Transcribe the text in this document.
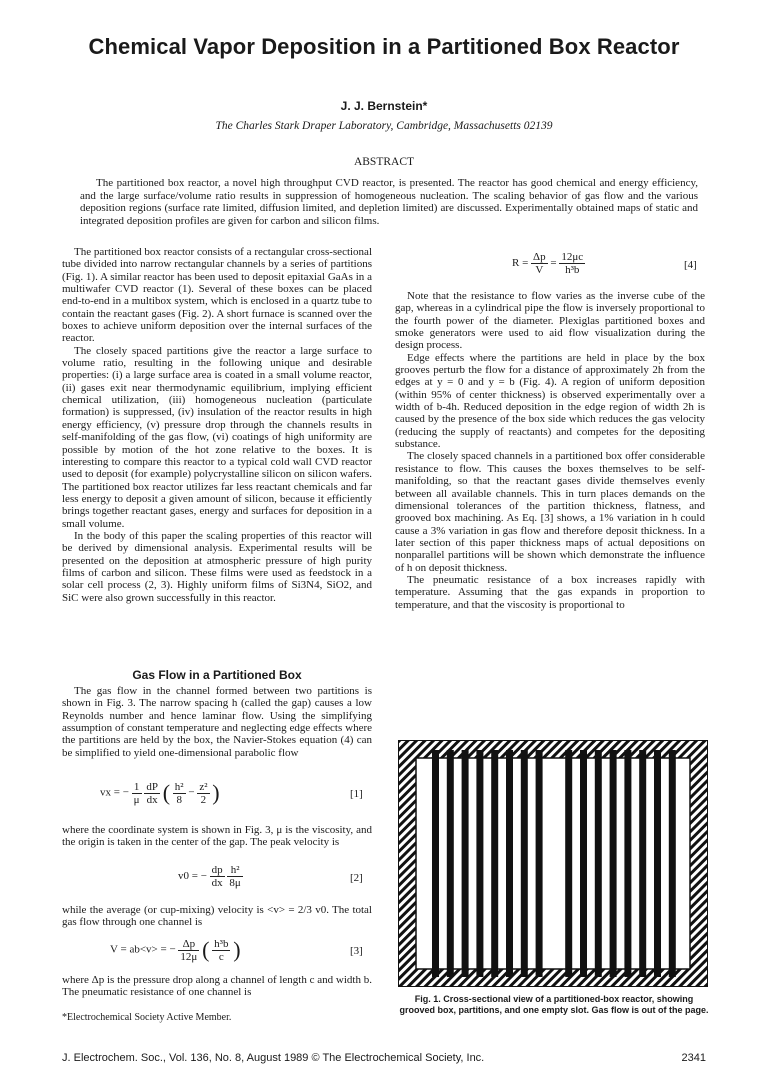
Chemical Vapor Deposition in a Partitioned Box Reactor
J. J. Bernstein*
The Charles Stark Draper Laboratory, Cambridge, Massachusetts 02139
ABSTRACT
The partitioned box reactor, a novel high throughput CVD reactor, is presented. The reactor has good chemical and energy efficiency, and the large surface/volume ratio results in suppression of homogeneous nucleation. The scaling behavior of gas flow and the various deposition regions (surface rate limited, diffusion limited, and depletion limited) are discussed. Experimentally obtained maps of static and integrated deposition profiles are given for carbon and silicon films.

The partitioned box reactor consists of a rectangular cross-sectional tube divided into narrow rectangular channels by a series of partitions (Fig. 1). A similar reactor has been used to deposit epitaxial GaAs in a multiwafer CVD reactor (1). Several of these boxes can be placed end-to-end in a multibox system, which is enclosed in a quartz tube to contain the reactant gases (Fig. 2). A short furnace is scanned over the boxes to achieve uniform deposition over the internal surfaces of the reactor.

The closely spaced partitions give the reactor a large surface to volume ratio, resulting in the following unique and desirable properties: (i) a large surface area is coated in a small volume reactor, (ii) gases exit near thermodynamic equilibrium, implying efficient chemical utilization, (iii) homogeneous nucleation (particulate formation) is suppressed, (iv) insulation of the reactor results in high energy efficiency, (v) pressure drop through the channels results in self-manifolding of the gas flow, (vi) coatings of high uniformity are possible by motion of the hot zone relative to the boxes. It is interesting to compare this reactor to a typical cold wall CVD reactor used to deposit (for example) polycrystalline silicon on silicon wafers. The partitioned box reactor utilizes far less reactant chemicals and far less energy to deposit a given amount of silicon, because it efficiently brings together reactant gases, energy and surfaces for deposition in a small volume.

In the body of this paper the scaling properties of this reactor will be derived by dimensional analysis. Experimental results will be presented on the deposition at atmospheric pressure of high purity films of carbon and silicon. These films were used as feedstock in a solar cell process (2, 3). Highly uniform films of Si3N4, SiO2, and SiC were also grown successfully in this reactor.

Gas Flow in a Partitioned Box

The gas flow in the channel formed between two partitions is shown in Fig. 3. The narrow spacing h (called the gap) causes a low Reynolds number and hence laminar flow. Using the simplifying assumption of constant temperature and neglecting edge effects where the partitions are held by the box, the Navier-Stokes equation (4) can be simplified to yield one-dimensional parabolic flow

vx = − $\frac{1}{\mu}$
$\frac{dP}{dx}$ ( $\frac{\text{h²}}{8} - \frac{\text{z²}}{2}$ )	[1]

where the coordinate system is shown in Fig. 3, μ is the viscosity, and the origin is taken in the center of the gap. The peak velocity is

v0 = − $\frac{dp}{dx}$
$\frac{\text{h²}}{8\mu}$	[2]

while the average (or cup-mixing) velocity is <v> = 2/3 v0. The total gas flow through one channel is

V = ab<v> = − $\frac{\Delta p}{12\mu}$ ( $\frac{\text{h³b}}{c}$ )	[3]

where Δp is the pressure drop along a channel of length c and width b. The pneumatic resistance of one channel is

$R = \frac{\Delta p}{V} = \frac{12\mu c}{\text{h³b}}$	[4]

Note that the resistance to flow varies as the inverse cube of the gap, whereas in a cylindrical pipe the flow is inversely proportional to the fourth power of the diameter. Plexiglas partitioned boxes and smoke generators were used to aid flow visualization during the design process.

Edge effects where the partitions are held in place by the box grooves perturb the flow for a distance of approximately 2h from the edges at y = 0 and y = b (Fig. 4). A region of uniform deposition (within 95% of center thickness) is observed experimentally over a width of b-4h. Reduced deposition in the edge region of width 2h is caused by the presence of the box side which reduces the gas velocity (reducing the supply of reactants) and competes for the depositing substance.

The closely spaced channels in a partitioned box offer considerable resistance to flow. This causes the boxes themselves to be self-manifolding, so that the reactant gases divide themselves evenly between all available channels. This in turn places demands on the dimensional tolerances of the partition thickness, flatness, and grooved box machining. As Eq. [3] shows, a 1% variation in h could cause a 3% variation in gas flow and therefore deposit thickness. In a later section of this paper thickness maps of actual depositions on nonparallel partitions will be shown which demonstrate the influence of h on deposit thickness.

The pneumatic resistance of a box increases rapidly with temperature. Assuming that the gas expands in proportion to temperature, and that the viscosity is proportional to

Fig. 1. Cross-sectional view of a partitioned-box reactor, showing grooved box, partitions, and one empty slot. Gas flow is out of the page.
*Electrochemical Society Active Member.
J. Electrochem. Soc., Vol. 136, No. 8, August 1989 © The Electrochemical Society, Inc.	2341
